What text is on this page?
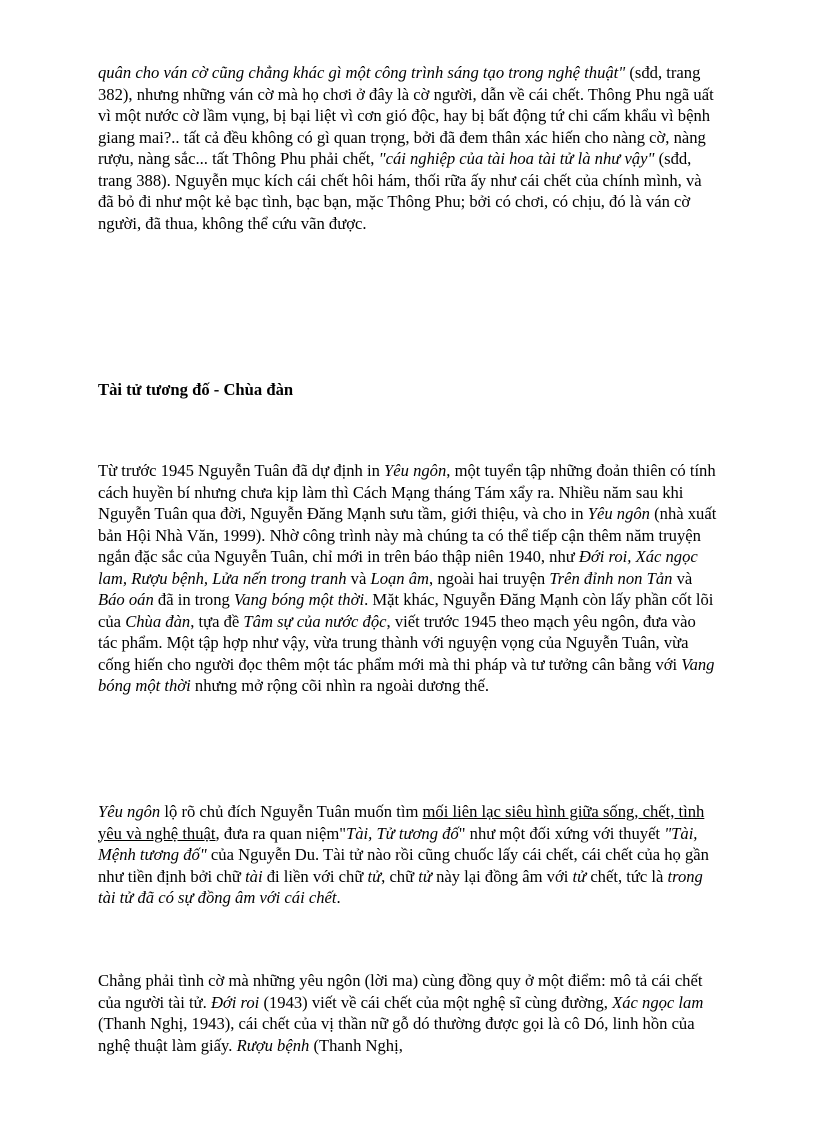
quân cho ván cờ cũng chẳng khác gì một công trình sáng tạo trong nghệ thuật" (sđd, trang 382), nhưng những ván cờ mà họ chơi ở đây là cờ người, dẫn về cái chết. Thông Phu ngã uất vì một nước cờ lầm vụng, bị bại liệt vì cơn gió độc, hay bị bất động tứ chi cấm khẩu vì bệnh giang mai?.. tất cả đều không có gì quan trọng, bởi đã đem thân xác hiến cho nàng cờ, nàng rượu, nàng sắc... tất Thông Phu phải chết, "cái nghiệp của tài hoa tài tử là như vậy" (sđd, trang 388). Nguyễn mục kích cái chết hôi hám, thối rữa ấy như cái chết của chính mình, và đã bỏ đi như một kẻ bạc tình, bạc bạn, mặc Thông Phu; bởi có chơi, có chịu, đó là ván cờ người, đã thua, không thể cứu vãn được.

Tài tử tương đố - Chùa đàn

Từ trước 1945 Nguyễn Tuân đã dự định in Yêu ngôn, một tuyển tập những đoản thiên có tính cách huyền bí nhưng chưa kịp làm thì Cách Mạng tháng Tám xẩy ra. Nhiều năm sau khi Nguyễn Tuân qua đời, Nguyễn Đăng Mạnh sưu tầm, giới thiệu, và cho in Yêu ngôn (nhà xuất bản Hội Nhà Văn, 1999). Nhờ công trình này mà chúng ta có thể tiếp cận thêm năm truyện ngắn đặc sắc của Nguyễn Tuân, chỉ mới in trên báo thập niên 1940, như Đới roi, Xác ngọc lam, Rượu bệnh, Lửa nến trong tranh và Loạn âm, ngoài hai truyện Trên đỉnh non Tản và Báo oán đã in trong Vang bóng một thời. Mặt khác, Nguyễn Đăng Mạnh còn lấy phần cốt lõi của Chùa đàn, tựa đề Tâm sự của nước độc, viết trước 1945 theo mạch yêu ngôn, đưa vào tác phẩm. Một tập hợp như vậy, vừa trung thành với nguyện vọng của Nguyễn Tuân, vừa cống hiến cho người đọc thêm một tác phẩm mới mà thi pháp và tư tưởng cân bằng với Vang bóng một thời nhưng mở rộng cõi nhìn ra ngoài dương thế.

Yêu ngôn lộ rõ chủ đích Nguyễn Tuân muốn tìm mối liên lạc siêu hình giữa sống, chết, tình yêu và nghệ thuật, đưa ra quan niệm"Tài, Tử tương đố" như một đối xứng với thuyết "Tài, Mệnh tương đố" của Nguyễn Du. Tài tử nào rồi cũng chuốc lấy cái chết, cái chết của họ gần như tiền định bởi chữ tài đi liền với chữ tử, chữ tử này lại đồng âm với tử chết, tức là trong tài tử đã có sự đồng âm với cái chết.

Chẳng phải tình cờ mà những yêu ngôn (lời ma) cùng đồng quy ở một điểm: mô tả cái chết của người tài tử. Đới roi (1943) viết về cái chết của một nghệ sĩ cùng đường, Xác ngọc lam (Thanh Nghị, 1943), cái chết của vị thần nữ gỗ dó thường được gọi là cô Dó, linh hồn của nghệ thuật làm giấy. Rượu bệnh (Thanh Nghị,
